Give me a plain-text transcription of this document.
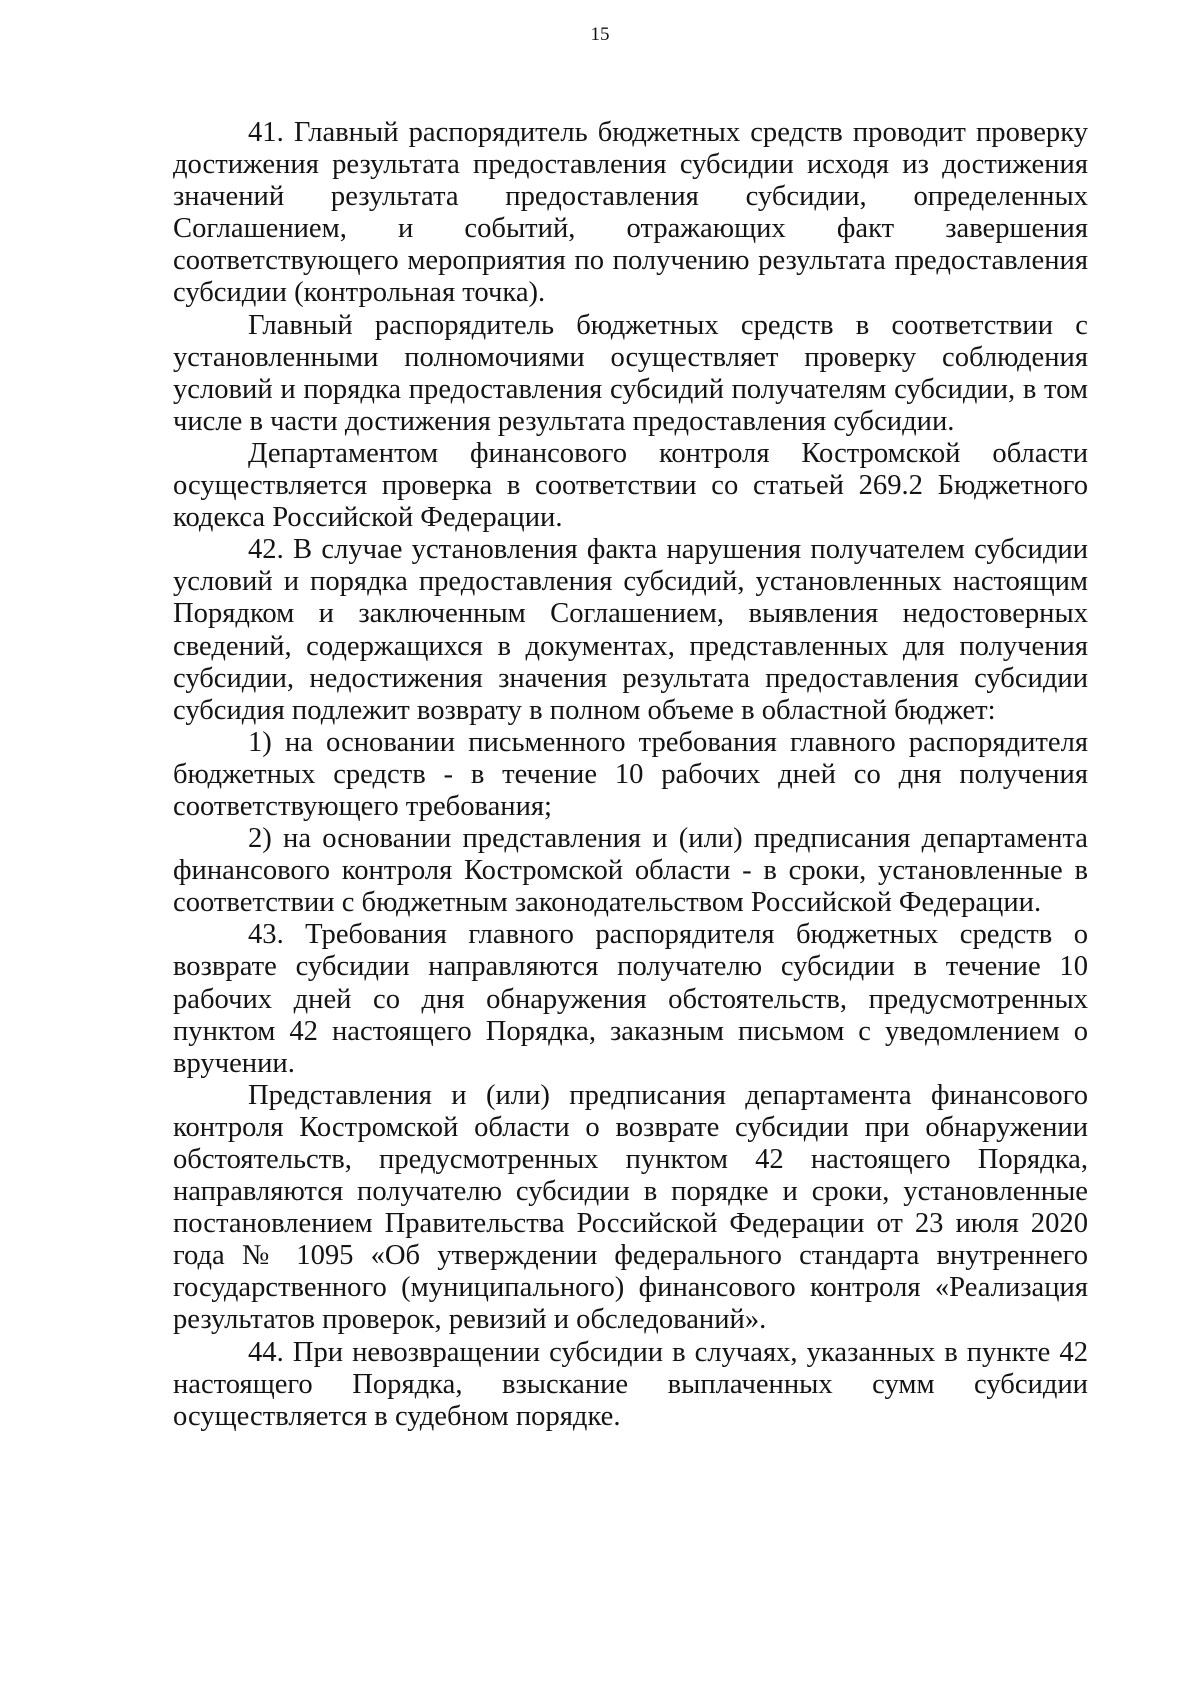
15

41. Главный распорядитель бюджетных средств проводит проверку достижения результата предоставления субсидии исходя из достижения значений результата предоставления субсидии, определенных Соглашением, и событий, отражающих факт завершения соответствующего мероприятия по получению результата предоставления субсидии (контрольная точка).

Главный распорядитель бюджетных средств в соответствии с установленными полномочиями осуществляет проверку соблюдения условий и порядка предоставления субсидий получателям субсидии, в том числе в части достижения результата предоставления субсидии.

Департаментом финансового контроля Костромской области осуществляется проверка в соответствии со статьей 269.2 Бюджетного кодекса Российской Федерации.

42. В случае установления факта нарушения получателем субсидии условий и порядка предоставления субсидий, установленных настоящим Порядком и заключенным Соглашением, выявления недостоверных сведений, содержащихся в документах, представленных для получения субсидии, недостижения значения результата предоставления субсидии субсидия подлежит возврату в полном объеме в областной бюджет:

1) на основании письменного требования главного распорядителя бюджетных средств - в течение 10 рабочих дней со дня получения соответствующего требования;

2) на основании представления и (или) предписания департамента финансового контроля Костромской области - в сроки, установленные в соответствии с бюджетным законодательством Российской Федерации.

43. Требования главного распорядителя бюджетных средств о возврате субсидии направляются получателю субсидии в течение 10 рабочих дней со дня обнаружения обстоятельств, предусмотренных пунктом 42 настоящего Порядка, заказным письмом с уведомлением о вручении.

Представления и (или) предписания департамента финансового контроля Костромской области о возврате субсидии при обнаружении обстоятельств, предусмотренных пунктом 42 настоящего Порядка, направляются получателю субсидии в порядке и сроки, установленные постановлением Правительства Российской Федерации от 23 июля 2020 года № 1095 «Об утверждении федерального стандарта внутреннего государственного (муниципального) финансового контроля «Реализация результатов проверок, ревизий и обследований».

44. При невозвращении субсидии в случаях, указанных в пункте 42 настоящего Порядка, взыскание выплаченных сумм субсидии осуществляется в судебном порядке.
